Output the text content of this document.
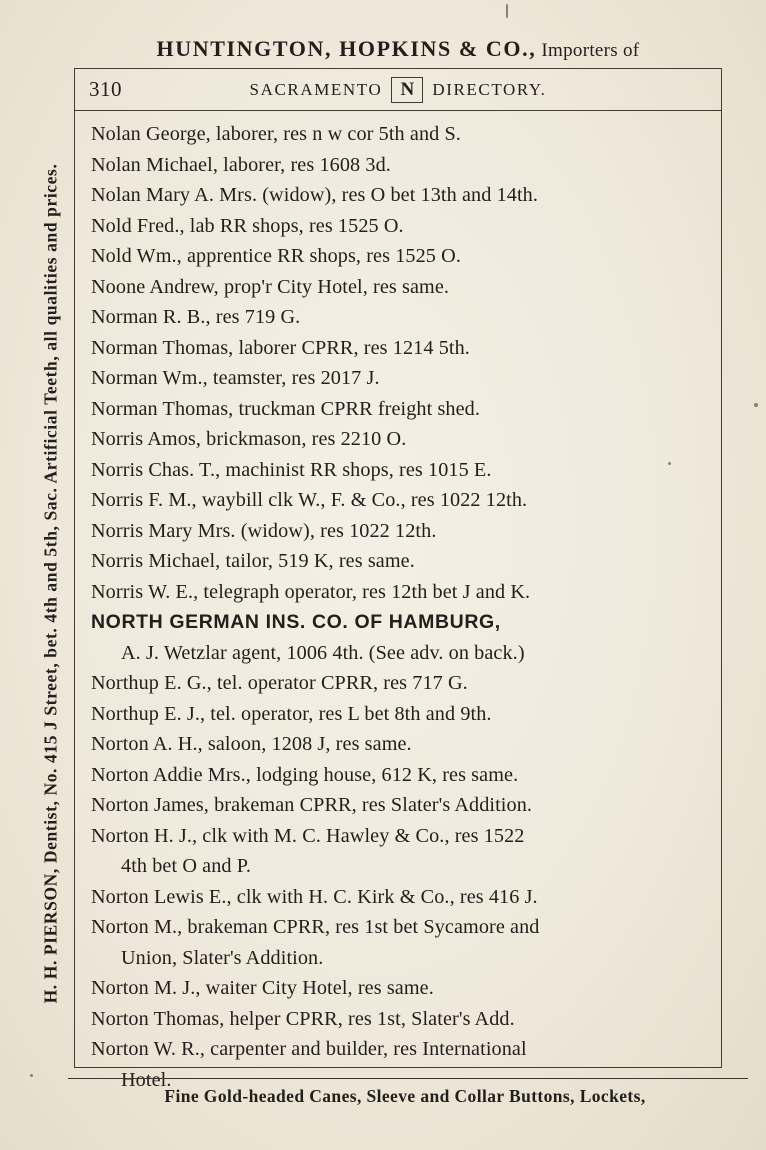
HUNTINGTON, HOPKINS & CO., Importers of
H. H. PIERSON, Dentist, No. 415 J Street, bet. 4th and 5th, Sac. Artificial Teeth, all qualities and prices.
310	SACRAMENTO N	DIRECTORY.
Nolan George, laborer, res n w cor 5th and S.
Nolan Michael, laborer, res 1608 3d.
Nolan Mary A. Mrs. (widow), res O bet 13th and 14th.
Nold Fred., lab RR shops, res 1525 O.
Nold Wm., apprentice RR shops, res 1525 O.
Noone Andrew, prop'r City Hotel, res same.
Norman R. B., res 719 G.
Norman Thomas, laborer CPRR, res 1214 5th.
Norman Wm., teamster, res 2017 J.
Norman Thomas, truckman CPRR freight shed.
Norris Amos, brickmason, res 2210 O.
Norris Chas. T., machinist RR shops, res 1015 E.
Norris F. M., waybill clk W., F. & Co., res 1022 12th.
Norris Mary Mrs. (widow), res 1022 12th.
Norris Michael, tailor, 519 K, res same.
Norris W. E., telegraph operator, res 12th bet J and K.
NORTH GERMAN INS. CO. OF HAMBURG,
A. J. Wetzlar agent, 1006 4th. (See adv. on back.)
Northup E. G., tel. operator CPRR, res 717 G.
Northup E. J., tel. operator, res L bet 8th and 9th.
Norton A. H., saloon, 1208 J, res same.
Norton Addie Mrs., lodging house, 612 K, res same.
Norton James, brakeman CPRR, res Slater's Addition.
Norton H. J., clk with M. C. Hawley & Co., res 1522
4th bet O and P.
Norton Lewis E., clk with H. C. Kirk & Co., res 416 J.
Norton M., brakeman CPRR, res 1st bet Sycamore and
Union, Slater's Addition.
Norton M. J., waiter City Hotel, res same.
Norton Thomas, helper CPRR, res 1st, Slater's Add.
Norton W. R., carpenter and builder, res International
Hotel.
Fine Gold-headed Canes, Sleeve and Collar Buttons, Lockets,
